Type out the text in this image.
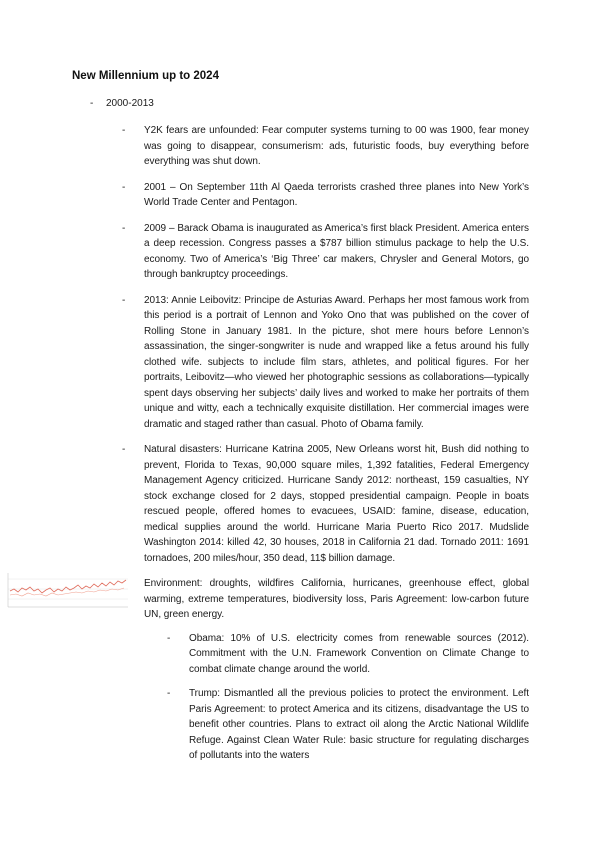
New Millennium up to 2024
- 2000-2013
- Y2K fears are unfounded: Fear computer systems turning to 00 was 1900, fear money was going to disappear, consumerism: ads, futuristic foods, buy everything before everything was shut down.
- 2001 – On September 11th Al Qaeda terrorists crashed three planes into New York’s World Trade Center and Pentagon.
- 2009 – Barack Obama is inaugurated as America’s first black President. America enters a deep recession. Congress passes a $787 billion stimulus package to help the U.S. economy. Two of America’s ‘Big Three’ car makers, Chrysler and General Motors, go through bankruptcy proceedings.
- 2013: Annie Leibovitz: Principe de Asturias Award. Perhaps her most famous work from this period is a portrait of Lennon and Yoko Ono that was published on the cover of Rolling Stone in January 1981. In the picture, shot mere hours before Lennon’s assassination, the singer-songwriter is nude and wrapped like a fetus around his fully clothed wife. subjects to include film stars, athletes, and political figures. For her portraits, Leibovitz—who viewed her photographic sessions as collaborations—typically spent days observing her subjects’ daily lives and worked to make her portraits of them unique and witty, each a technically exquisite distillation. Her commercial images were dramatic and staged rather than casual. Photo of Obama family.
- Natural disasters: Hurricane Katrina 2005, New Orleans worst hit, Bush did nothing to prevent, Florida to Texas, 90,000 square miles, 1,392 fatalities, Federal Emergency Management Agency criticized. Hurricane Sandy 2012: northeast, 159 casualties, NY stock exchange closed for 2 days, stopped presidential campaign. People in boats rescued people, offered homes to evacuees, USAID: famine, disease, education, medical supplies around the world. Hurricane Maria Puerto Rico 2017. Mudslide Washington 2014: killed 42, 30 houses, 2018 in California 21 dad. Tornado 2011: 1691 tornadoes, 200 miles/hour, 350 dead, 11$ billion damage.
Environment: droughts, wildfires California, hurricanes, greenhouse effect, global warming, extreme temperatures, biodiversity loss, Paris Agreement: low-carbon future UN, green energy.
- Obama: 10% of U.S. electricity comes from renewable sources (2012). Commitment with the U.N. Framework Convention on Climate Change to combat climate change around the world.
- Trump: Dismantled all the previous policies to protect the environment. Left Paris Agreement: to protect America and its citizens, disadvantage the US to benefit other countries. Plans to extract oil along the Arctic National Wildlife Refuge. Against Clean Water Rule: basic structure for regulating discharges of pollutants into the waters
